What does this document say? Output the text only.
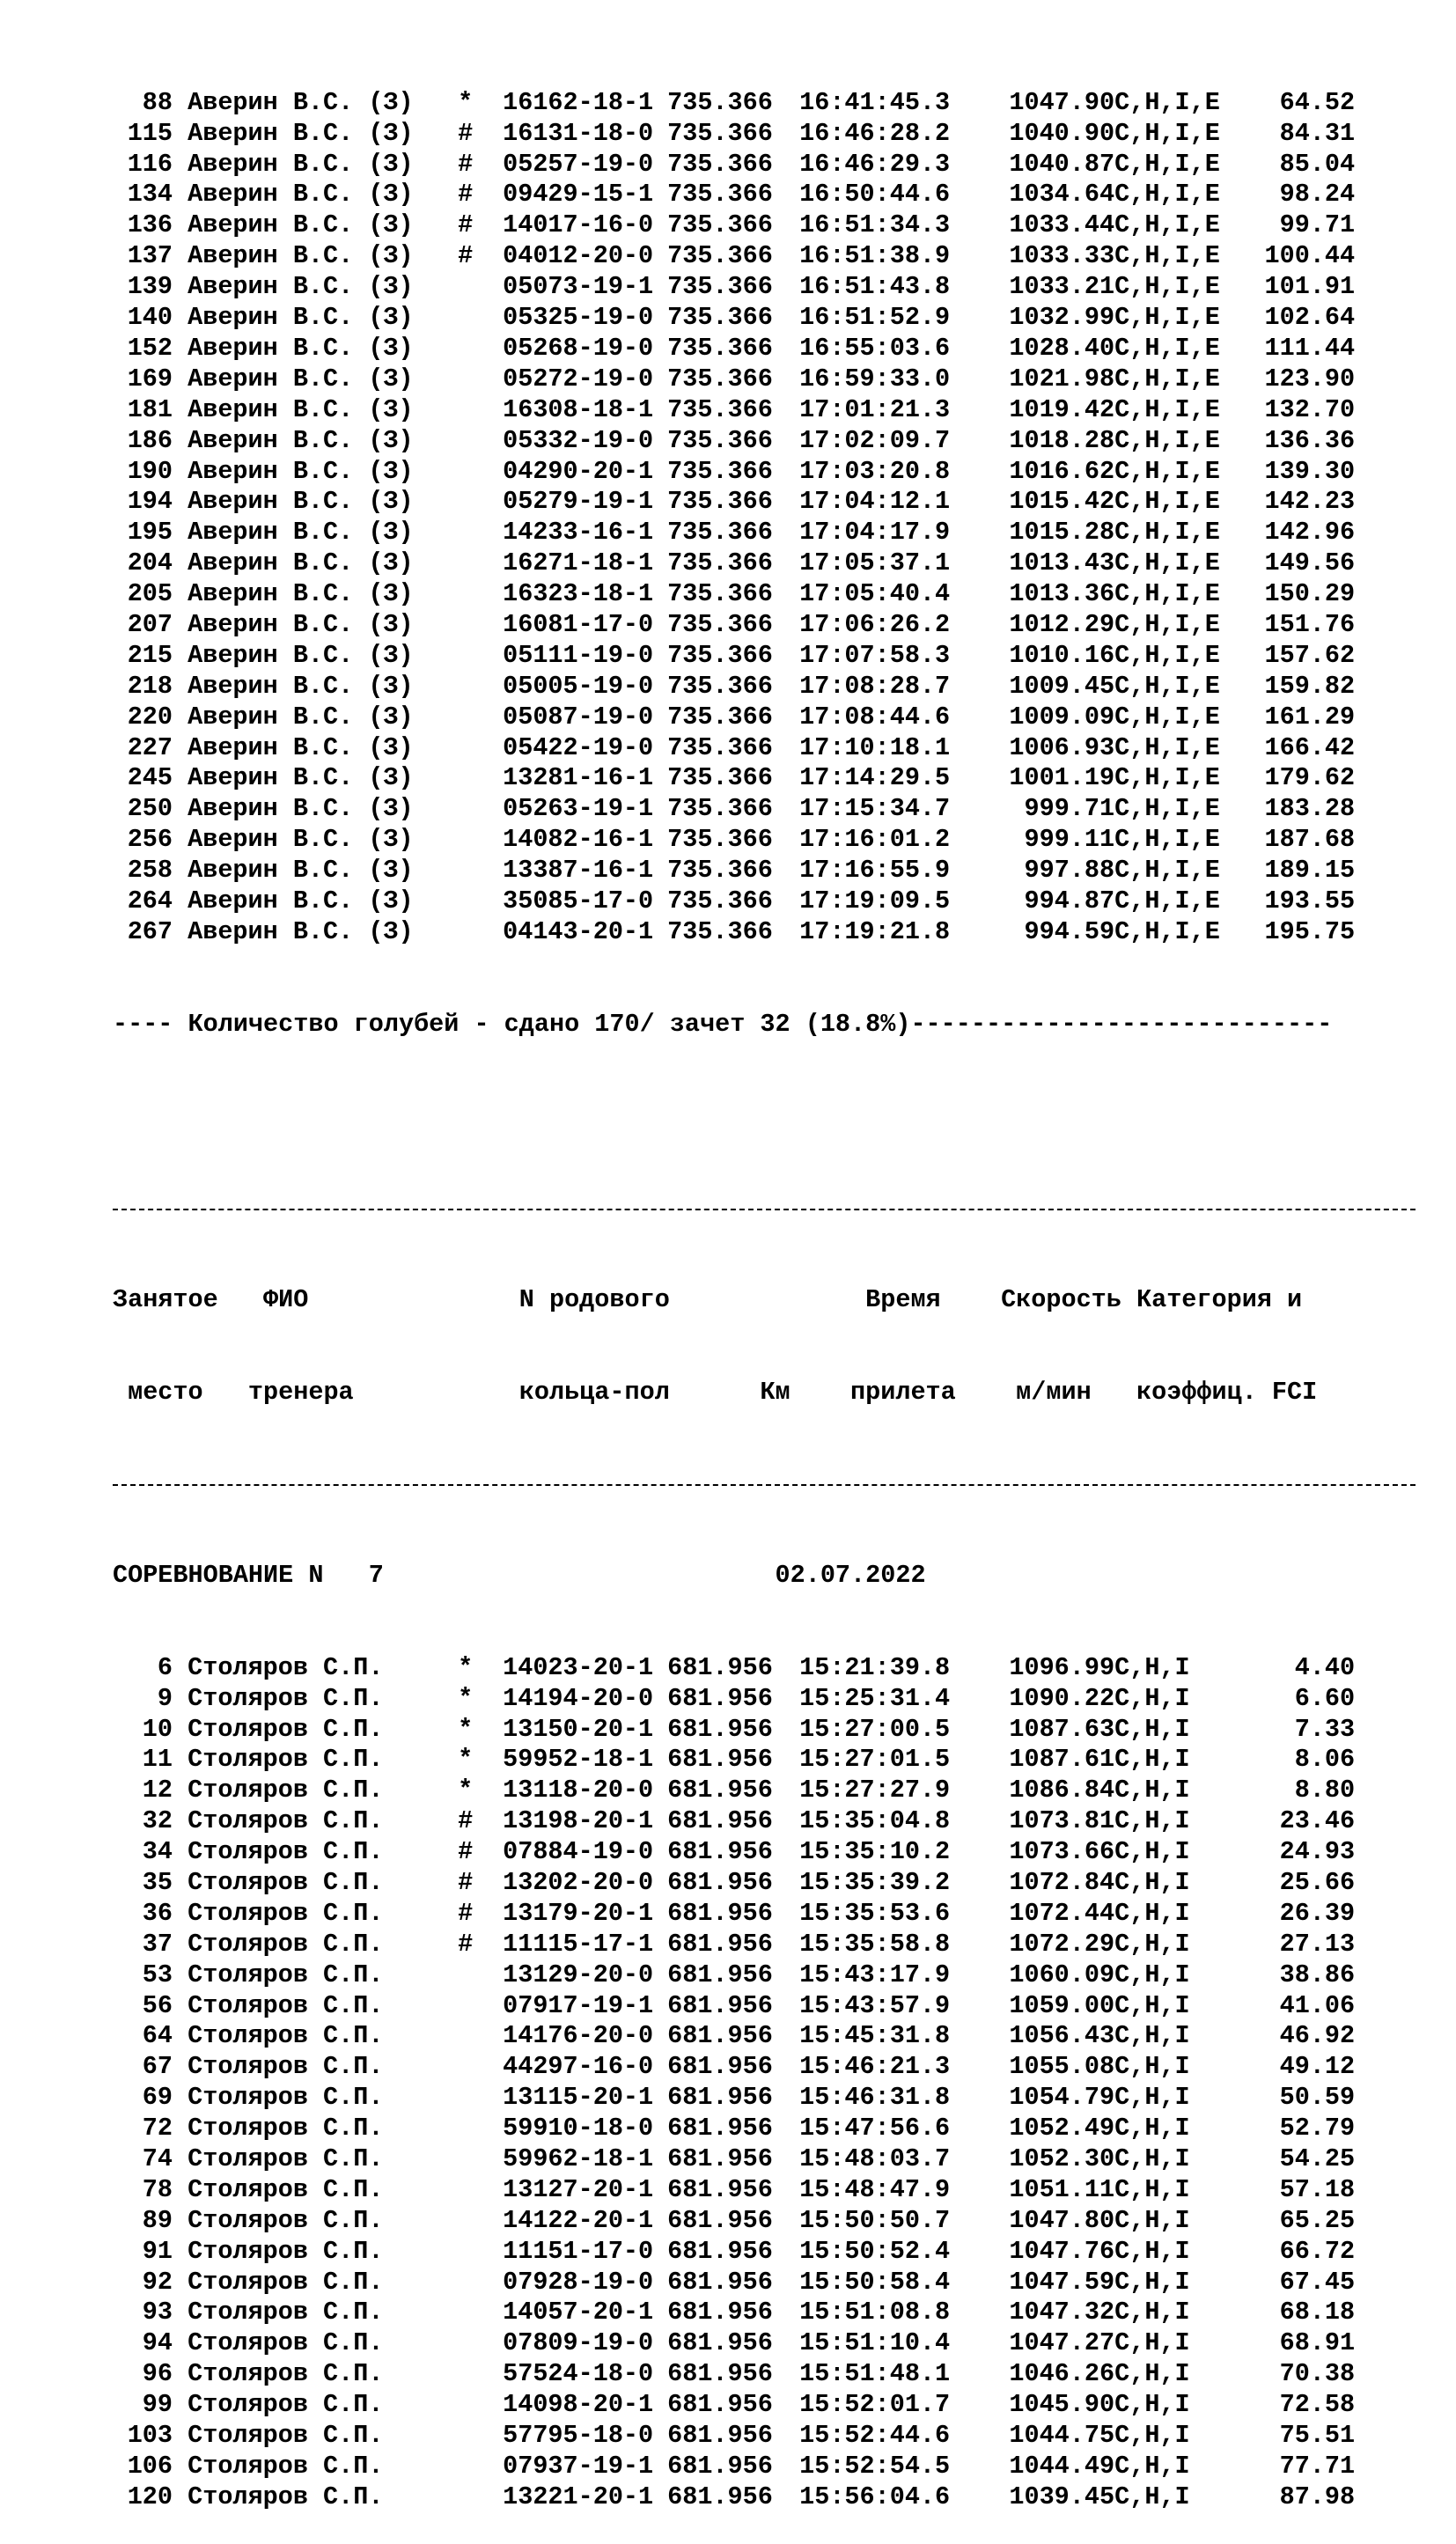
88 Аверин В.С. (З) * 16162-18-1 735.366 16:41:45.3 1047.90C,H,I,E 64.52
115 Аверин В.С. (З) # 16131-18-0 735.366 16:46:28.2 1040.90C,H,I,E 84.31
116 Аверин В.С. (З) # 05257-19-0 735.366 16:46:29.3 1040.87C,H,I,E 85.04
134 Аверин В.С. (З) # 09429-15-1 735.366 16:50:44.6 1034.64C,H,I,E 98.24
136 Аверин В.С. (З) # 14017-16-0 735.366 16:51:34.3 1033.44C,H,I,E 99.71
137 Аверин В.С. (З) # 04012-20-0 735.366 16:51:38.9 1033.33C,H,I,E 100.44
139 Аверин В.С. (З)	05073-19-1 735.366 16:51:43.8 1033.21C,H,I,E 101.91
140 Аверин В.С. (З)	05325-19-0 735.366 16:51:52.9 1032.99C,H,I,E 102.64
152 Аверин В.С. (З)	05268-19-0 735.366 16:55:03.6 1028.40C,H,I,E 111.44
169 Аверин В.С. (З)	05272-19-0 735.366 16:59:33.0 1021.98C,H,I,E 123.90
181 Аверин В.С. (З)	16308-18-1 735.366 17:01:21.3 1019.42C,H,I,E 132.70
186 Аверин В.С. (З)	05332-19-0 735.366 17:02:09.7 1018.28C,H,I,E 136.36
190 Аверин В.С. (З)	04290-20-1 735.366 17:03:20.8 1016.62C,H,I,E 139.30
194 Аверин В.С. (З)	05279-19-1 735.366 17:04:12.1 1015.42C,H,I,E 142.23
195 Аверин В.С. (З)	14233-16-1 735.366 17:04:17.9 1015.28C,H,I,E 142.96
204 Аверин В.С. (З)	16271-18-1 735.366 17:05:37.1 1013.43C,H,I,E 149.56
205 Аверин В.С. (З)	16323-18-1 735.366 17:05:40.4 1013.36C,H,I,E 150.29
207 Аверин В.С. (З)	16081-17-0 735.366 17:06:26.2 1012.29C,H,I,E 151.76
215 Аверин В.С. (З)	05111-19-0 735.366 17:07:58.3 1010.16C,H,I,E 157.62
218 Аверин В.С. (З)	05005-19-0 735.366 17:08:28.7 1009.45C,H,I,E 159.82
220 Аверин В.С. (З)	05087-19-0 735.366 17:08:44.6 1009.09C,H,I,E 161.29
227 Аверин В.С. (З)	05422-19-0 735.366 17:10:18.1 1006.93C,H,I,E 166.42
245 Аверин В.С. (З)	13281-16-1 735.366 17:14:29.5 1001.19C,H,I,E 179.62
250 Аверин В.С. (З)	05263-19-1 735.366 17:15:34.7	999.71C,H,I,E 183.28
256 Аверин В.С. (З)	14082-16-1 735.366 17:16:01.2	999.11C,H,I,E 187.68
258 Аверин В.С. (З)	13387-16-1 735.366 17:16:55.9	997.88C,H,I,E 189.15
264 Аверин В.С. (З)	35085-17-0 735.366 17:19:09.5	994.87C,H,I,E 193.55
267 Аверин В.С. (З)	04143-20-1 735.366 17:19:21.8	994.59C,H,I,E 195.75

---- Количество голубей - сдано 170/ зачет 32 (18.8%)----------------------------

Занятое   ФИО              N родового             Время    Скорость Категория и

место   тренера           кольца-пол      Км    прилета    м/мин   коэффиц. FCI

СОРЕВНОВАНИЕ N   7                          02.07.2022

6 Столяров С.П.	* 14023-20-1 681.956 15:21:39.8 1096.99C,H,I	4.40
9 Столяров С.П.	* 14194-20-0 681.956 15:25:31.4 1090.22C,H,I	6.60
10 Столяров С.П.	* 13150-20-1 681.956 15:27:00.5 1087.63C,H,I	7.33
11 Столяров С.П.	* 59952-18-1 681.956 15:27:01.5 1087.61C,H,I	8.06
12 Столяров С.П.	* 13118-20-0 681.956 15:27:27.9 1086.84C,H,I	8.80
32 Столяров С.П.	# 13198-20-1 681.956 15:35:04.8 1073.81C,H,I	23.46
34 Столяров С.П.	# 07884-19-0 681.956 15:35:10.2 1073.66C,H,I	24.93
35 Столяров С.П.	# 13202-20-0 681.956 15:35:39.2 1072.84C,H,I	25.66
36 Столяров С.П.	# 13179-20-1 681.956 15:35:53.6 1072.44C,H,I	26.39
37 Столяров С.П.	# 11115-17-1 681.956 15:35:58.8 1072.29C,H,I	27.13
53 Столяров С.П.	13129-20-0 681.956 15:43:17.9 1060.09C,H,I	38.86
56 Столяров С.П.	07917-19-1 681.956 15:43:57.9 1059.00C,H,I	41.06
64 Столяров С.П.	14176-20-0 681.956 15:45:31.8 1056.43C,H,I	46.92
67 Столяров С.П.	44297-16-0 681.956 15:46:21.3 1055.08C,H,I	49.12
69 Столяров С.П.	13115-20-1 681.956 15:46:31.8 1054.79C,H,I	50.59
72 Столяров С.П.	59910-18-0 681.956 15:47:56.6 1052.49C,H,I	52.79
74 Столяров С.П.	59962-18-1 681.956 15:48:03.7 1052.30C,H,I	54.25
78 Столяров С.П.	13127-20-1 681.956 15:48:47.9 1051.11C,H,I	57.18
89 Столяров С.П.	14122-20-1 681.956 15:50:50.7 1047.80C,H,I	65.25
91 Столяров С.П.	11151-17-0 681.956 15:50:52.4 1047.76C,H,I	66.72
92 Столяров С.П.	07928-19-0 681.956 15:50:58.4 1047.59C,H,I	67.45
93 Столяров С.П.	14057-20-1 681.956 15:51:08.8 1047.32C,H,I	68.18
94 Столяров С.П.	07809-19-0 681.956 15:51:10.4 1047.27C,H,I	68.91
96 Столяров С.П.	57524-18-0 681.956 15:51:48.1 1046.26C,H,I	70.38
99 Столяров С.П.	14098-20-1 681.956 15:52:01.7 1045.90C,H,I	72.58
103 Столяров С.П.	57795-18-0 681.956 15:52:44.6 1044.75C,H,I	75.51
106 Столяров С.П.	07937-19-1 681.956 15:52:54.5 1044.49C,H,I	77.71
120 Столяров С.П.	13221-20-1 681.956 15:56:04.6 1039.45C,H,I	87.98
